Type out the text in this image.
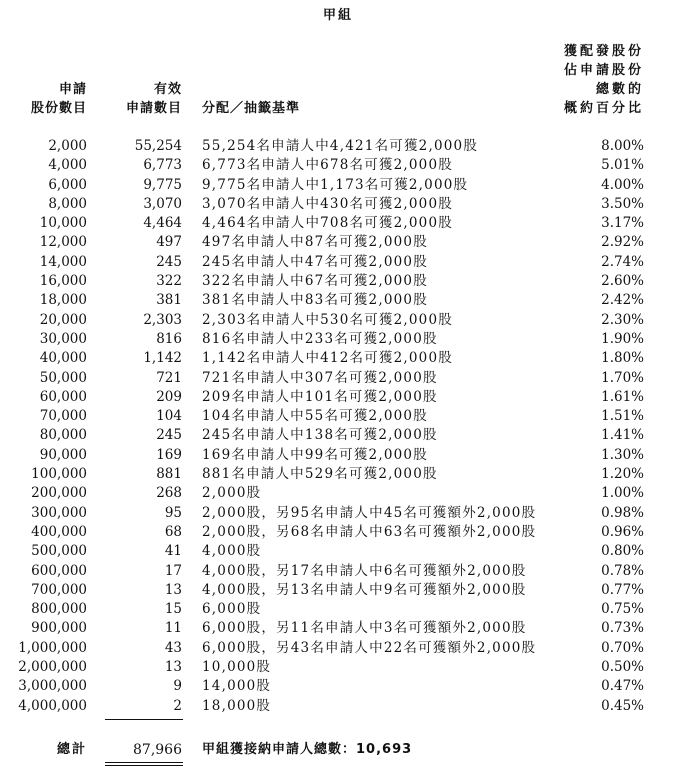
甲組
申請
股份數目
有效
申請數目 分配／抽籤基準
獲配發股份
佔申請股份
總數的
概約百分比
2,000	55,254 55,254名申請人中4,421名可獲2,000股	8.00%
4,000	6,773 6,773名申請人中678名可獲2,000股	5.01%
6,000	9,775 9,775名申請人中1,173名可獲2,000股	4.00%
8,000	3,070 3,070名申請人中430名可獲2,000股	3.50%
10,000	4,464 4,464名申請人中708名可獲2,000股	3.17%
12,000	497 497名申請人中87名可獲2,000股	2.92%
14,000	245 245名申請人中47名可獲2,000股	2.74%
16,000	322 322名申請人中67名可獲2,000股	2.60%
18,000	381 381名申請人中83名可獲2,000股	2.42%
20,000	2,303 2,303名申請人中530名可獲2,000股	2.30%
30,000	816 816名申請人中233名可獲2,000股	1.90%
40,000	1,142 1,142名申請人中412名可獲2,000股	1.80%
50,000	721 721名申請人中307名可獲2,000股	1.70%
60,000	209 209名申請人中101名可獲2,000股	1.61%
70,000	104 104名申請人中55名可獲2,000股	1.51%
80,000	245 245名申請人中138名可獲2,000股	1.41%
90,000	169 169名申請人中99名可獲2,000股	1.30%
100,000	881 881名申請人中529名可獲2,000股	1.20%
200,000	268 2,000股	1.00%
300,000	95 2,000股，另95名申請人中45名可獲額外2,000股	0.98%
400,000	68 2,000股，另68名申請人中63名可獲額外2,000股	0.96%
500,000	41 4,000股	0.80%
600,000	17 4,000股，另17名申請人中6名可獲額外2,000股	0.78%
700,000	13 4,000股，另13名申請人中9名可獲額外2,000股	0.77%
800,000	15 6,000股	0.75%
900,000	11 6,000股，另11名申請人中3名可獲額外2,000股	0.73%
1,000,000	43 6,000股，另43名申請人中22名可獲額外2,000股	0.70%
2,000,000	13 10,000股	0.50%
3,000,000	9 14,000股	0.47%
4,000,000	2 18,000股	0.45%
總計	87,966 甲組獲接納申請人總數：10,693
